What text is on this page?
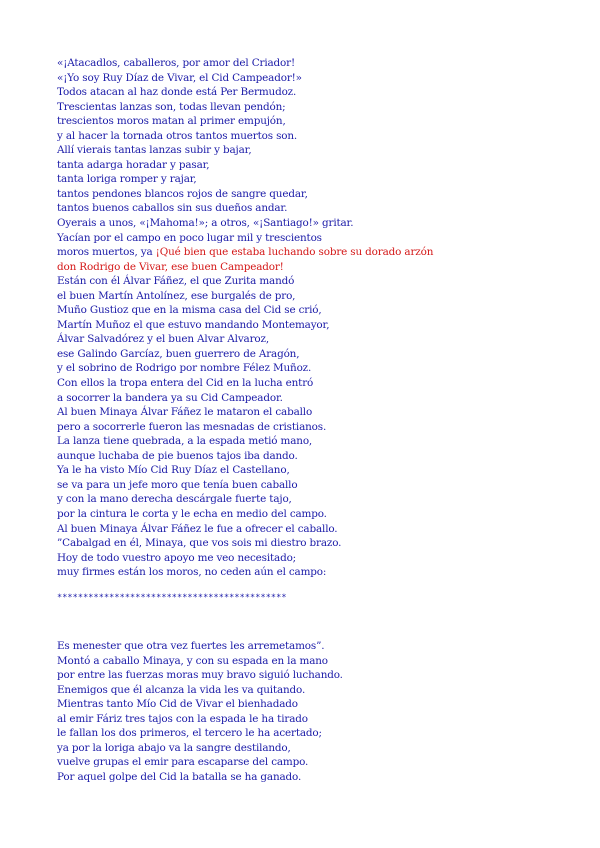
«¡Atacadlos, caballeros, por amor del Criador!
«¡Yo soy Ruy Díaz de Vivar, el Cid Campeador!»
Todos atacan al haz donde está Per Bermudoz.
Trescientas lanzas son, todas llevan pendón;
trescientos moros matan al primer empujón,
y al hacer la tornada otros tantos muertos son.
Allí vierais tantas lanzas subir y bajar,
tanta adarga horadar y pasar,
tanta loriga romper y rajar,
tantos pendones blancos rojos de sangre quedar,
tantos buenos caballos sin sus dueños andar.
Oyerais a unos, «¡Mahoma!»; a otros, «¡Santiago!» gritar.
Yacían por el campo en poco lugar mil y trescientos
moros muertos, ya ¡Qué bien que estaba luchando sobre su dorado arzón
don Rodrigo de Vivar, ese buen Campeador!
Están con él Álvar Fáñez, el que Zurita mandó
el buen Martín Antolínez, ese burgalés de pro,
Muño Gustioz que en la misma casa del Cid se crió,
Martín Muñoz el que estuvo mandando Montemayor,
Álvar Salvadórez y el buen Alvar Alvaroz,
ese Galindo Garcíaz, buen guerrero de Aragón,
y el sobrino de Rodrigo por nombre Félez Muñoz.
Con ellos la tropa entera del Cid en la lucha entró
a socorrer la bandera ya su Cid Campeador.
Al buen Minaya Álvar Fáñez le mataron el caballo
pero a socorrerle fueron las mesnadas de cristianos.
La lanza tiene quebrada, a la espada metió mano,
aunque luchaba de pie buenos tajos iba dando.
Ya le ha visto Mío Cid Ruy Díaz el Castellano,
se va para un jefe moro que tenía buen caballo
y con la mano derecha descárgale fuerte tajo,
por la cintura le corta y le echa en medio del campo.
Al buen Minaya Álvar Fáñez le fue a ofrecer el caballo.
”Cabalgad en él, Minaya, que vos sois mi diestro brazo.
Hoy de todo vuestro apoyo me veo necesitado;
muy firmes están los moros, no ceden aún el campo:
********************************************
Es menester que otra vez fuertes les arremetamos”.
Montó a caballo Minaya, y con su espada en la mano
por entre las fuerzas moras muy bravo siguió luchando.
Enemigos que él alcanza la vida les va quitando.
Mientras tanto Mío Cid de Vivar el bienhadado
al emir Fáriz tres tajos con la espada le ha tirado
le fallan los dos primeros, el tercero le ha acertado;
ya por la loriga abajo va la sangre destilando,
vuelve grupas el emir para escaparse del campo.
Por aquel golpe del Cid la batalla se ha ganado.
